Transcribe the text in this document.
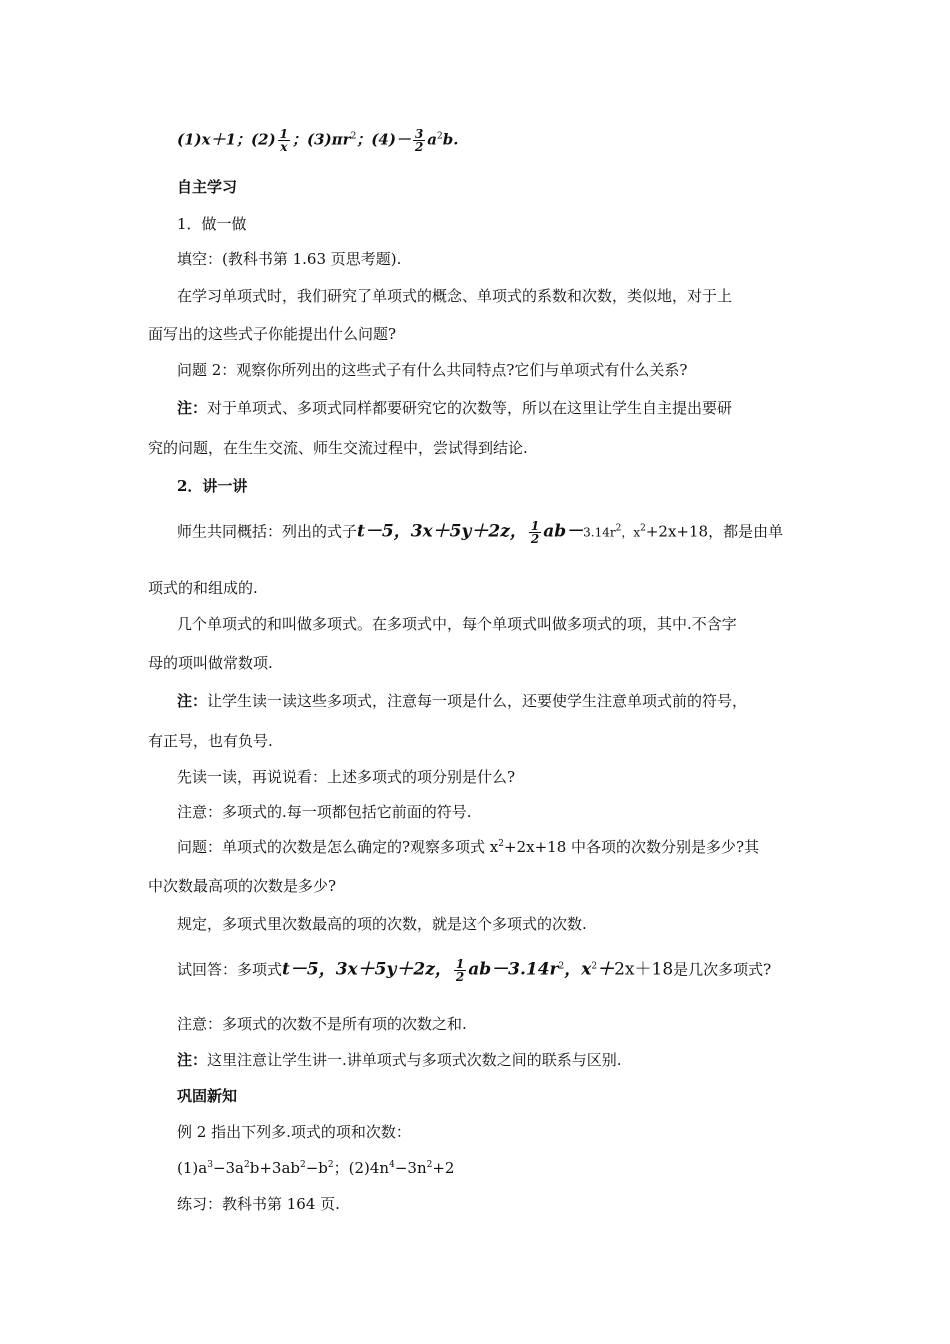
(1)x＋1；$(2) \frac{1}{x}$ ；$(3)\pi r^2$；$(4)- \frac{3}{2} a^2b$.
自主学习
1．做一做
填空：(教科书第 1.63 页思考题).
在学习单项式时，我们研究了单项式的概念、单项式的系数和次数，类似地，对于上
面写出的这些式子你能提出什么问题?
问题 2：观察你所列出的这些式子有什么共同特点?它们与单项式有什么关系?
注：对于单项式、多项式同样都要研究它的次数等，所以在这里让学生自主提出要研
究的问题，在生生交流、师生交流过程中，尝试得到结论.
2．讲一讲
师生共同概括：列出的式子t－5，3x＋5y＋2z， $\frac{1}{2} ab-3.14r^2$，$x^2+2x+18$，都是由单
项式的和组成的.
几个单项式的和叫做多项式。在多项式中，每个单项式叫做多项式的项，其中.不含字
母的项叫做常数项.
注：让学生读一读这些多项式，注意每一项是什么，还要使学生注意单项式前的符号，
有正号，也有负号.
先读一读，再说说看：上述多项式的项分别是什么?
注意：多项式的.每一项都包括它前面的符号.
问题：单项式的次数是怎么确定的?观察多项式 $x^2+2x+18$ 中各项的次数分别是多少?其
中次数最高项的次数是多少?
规定，多项式里次数最高的项的次数，就是这个多项式的次数.
试回答：多项式t－5，3x＋5y＋2z， $\frac{1}{2} ab-3.14r^2$，$x^2+2x+18$是几次多项式?
注意：多项式的次数不是所有项的次数之和.
注：这里注意让学生讲一.讲单项式与多项式次数之间的联系与区别.
巩固新知
例 2 指出下列多.项式的项和次数：
$(1)a^3-3a^2b+3ab^2-b^2$；$(2)4n^4-3n^2+2$
练习：教科书第 164 页.
